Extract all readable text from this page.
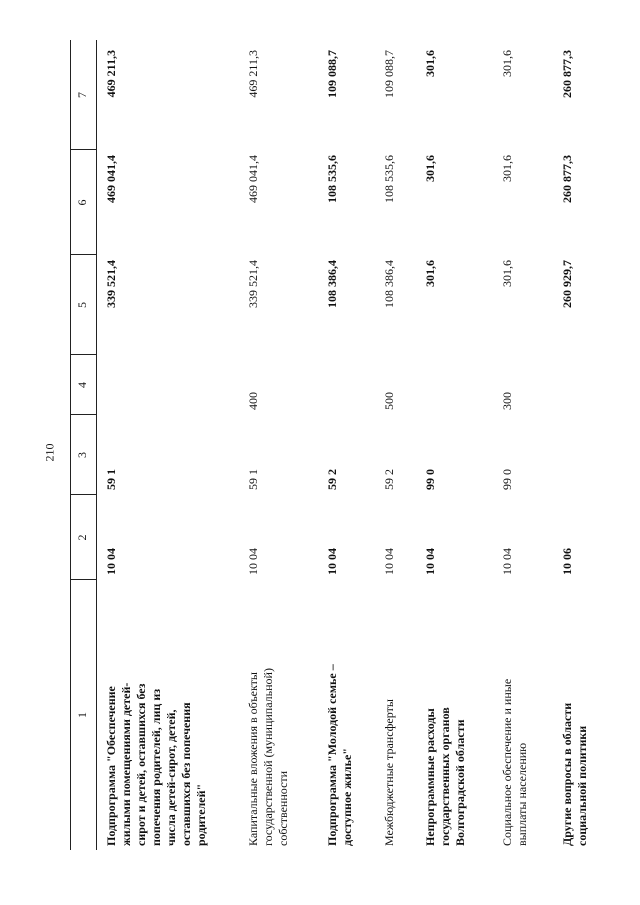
210
1
2
3
4
5
6
7
Подпрограмма "Обеспечение жилыми помещениями детей-сирот и детей, оставшихся без попечения родителей, лиц из числа детей-сирот, детей, оставшихся без попечения родителей"
10 04
59 1
339 521,4
469 041,4
469 211,3
Капитальные вложения в объекты государственной (муниципальной) собственности
10 04
59 1
400
339 521,4
469 041,4
469 211,3
Подпрограмма "Молодой семье – доступное жилье"
10 04
59 2
108 386,4
108 535,6
109 088,7
Межбюджетные трансферты
10 04
59 2
500
108 386,4
108 535,6
109 088,7
Непрограммные расходы государственных органов Волгоградской области
10 04
99 0
301,6
301,6
301,6
Социальное обеспечение и иные выплаты населению
10 04
99 0
300
301,6
301,6
301,6
Другие вопросы в области социальной политики
10 06
260 929,7
260 877,3
260 877,3
